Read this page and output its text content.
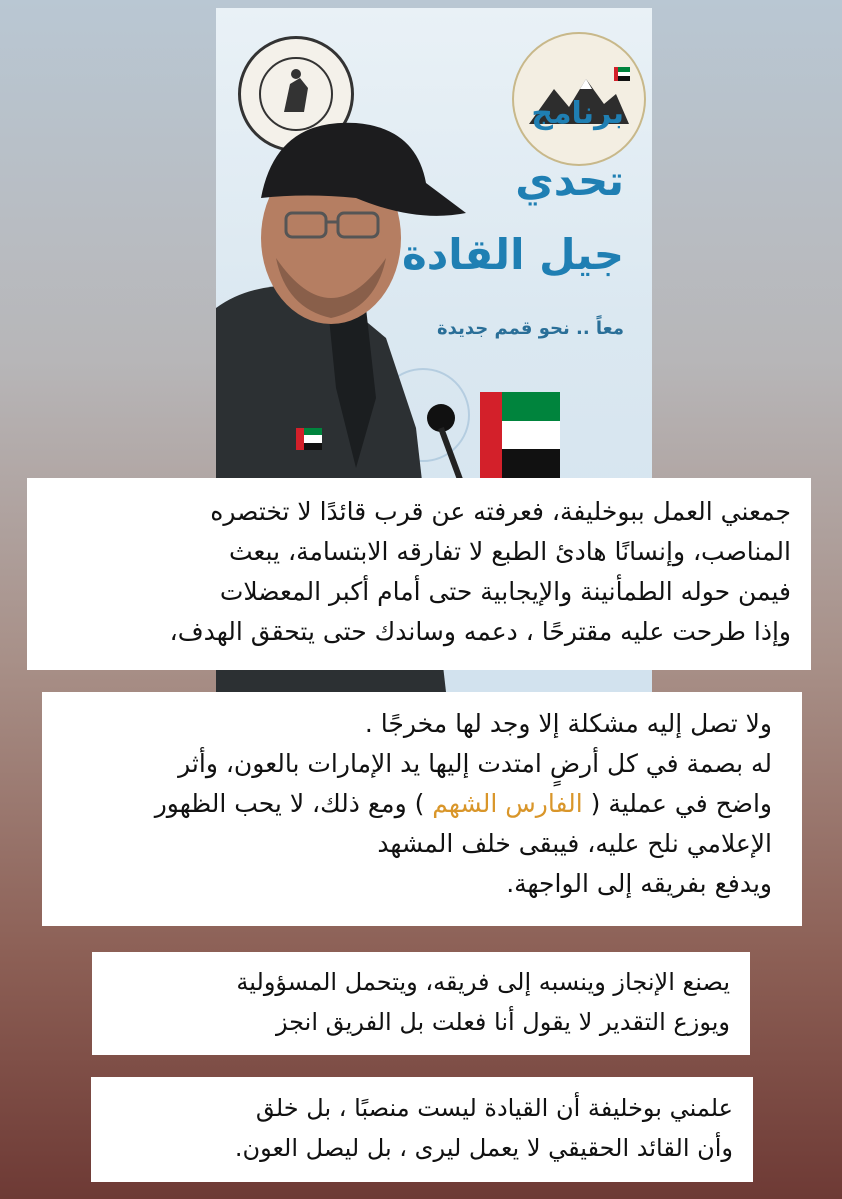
برنامج
تحدي
جيل القادة
معاً .. نحو قمم جديدة

جمعني العمل ببوخليفة، فعرفته عن قرب قائدًا لا تختصره

المناصب، وإنسانًا هادئ الطبع لا تفارقه الابتسامة، يبعث

فيمن حوله الطمأنينة والإيجابية حتى أمام أكبر المعضلات

وإذا طرحت عليه مقترحًا ، دعمه وساندك حتى يتحقق الهدف،

ولا تصل إليه مشكلة إلا وجد لها مخرجًا .

له بصمة في كل أرضٍ امتدت إليها يد الإمارات بالعون، وأثر

واضح في عملية ( الفارس الشهم ) ومع ذلك، لا يحب الظهور

الإعلامي نلح عليه، فيبقى خلف المشهد

ويدفع بفريقه إلى الواجهة.

يصنع الإنجاز وينسبه إلى فريقه، ويتحمل المسؤولية

ويوزع التقدير لا يقول أنا فعلت بل الفريق انجز

علمني بوخليفة أن القيادة ليست منصبًا ، بل خلق

وأن القائد الحقيقي لا يعمل ليرى ، بل ليصل العون.
